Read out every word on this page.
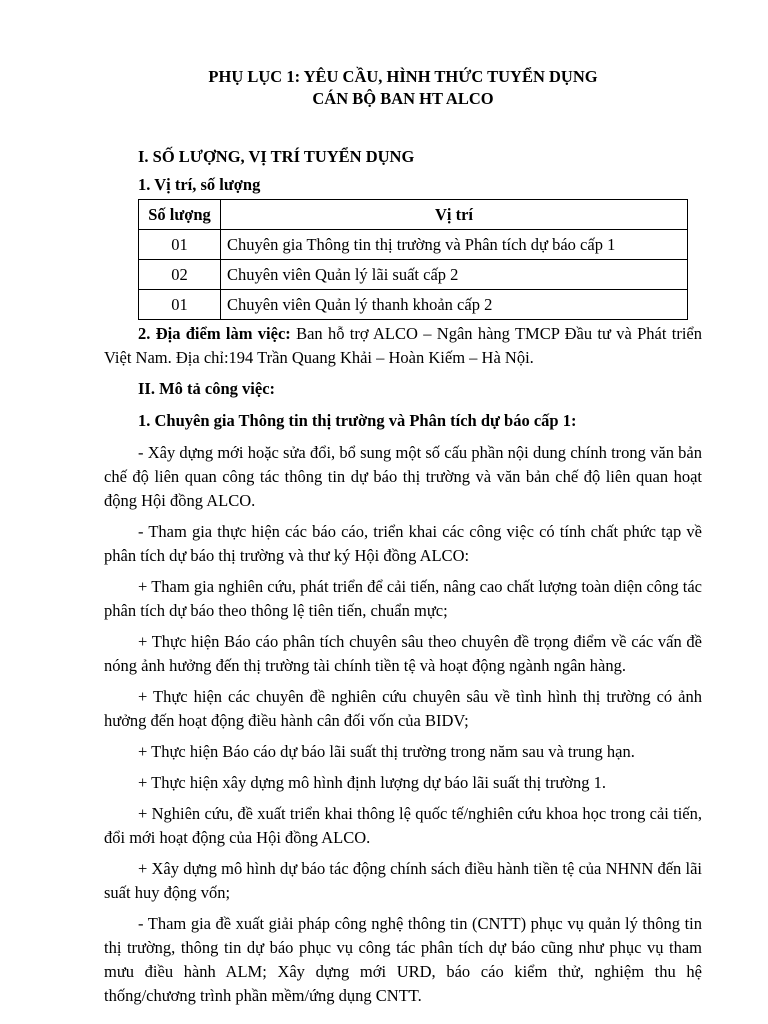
PHỤ LỤC 1: YÊU CẦU, HÌNH THỨC TUYỂN DỤNG

CÁN BỘ BAN HT ALCO

I. SỐ LƯỢNG, VỊ TRÍ TUYỂN DỤNG
1. Vị trí, số lượng
Số lượng	Vị trí
01	Chuyên gia Thông tin thị trường và Phân tích dự báo cấp 1
02	Chuyên viên Quản lý lãi suất cấp 2
01	Chuyên viên Quản lý thanh khoản cấp 2

2. Địa điểm làm việc: Ban hỗ trợ ALCO – Ngân hàng TMCP Đầu tư và Phát triển Việt Nam. Địa chỉ:194 Trần Quang Khải – Hoàn Kiếm – Hà Nội.

II. Mô tả công việc:
1. Chuyên gia Thông tin thị trường và Phân tích dự báo cấp 1:

- Xây dựng mới hoặc sửa đổi, bổ sung một số cấu phần nội dung chính trong văn bản chế độ liên quan công tác thông tin dự báo thị trường và văn bản chế độ liên quan hoạt động Hội đồng ALCO.

- Tham gia thực hiện các báo cáo, triển khai các công việc có tính chất phức tạp về phân tích dự báo thị trường và thư ký Hội đồng ALCO:

+ Tham gia nghiên cứu, phát triển để cải tiến, nâng cao chất lượng toàn diện công tác phân tích dự báo theo thông lệ tiên tiến, chuẩn mực;

+ Thực hiện Báo cáo phân tích chuyên sâu theo chuyên đề trọng điểm về các vấn đề nóng ảnh hưởng đến thị trường tài chính tiền tệ và hoạt động ngành ngân hàng.

+ Thực hiện các chuyên đề nghiên cứu chuyên sâu về tình hình thị trường có ảnh hưởng đến hoạt động điều hành cân đối vốn của BIDV;

+ Thực hiện Báo cáo dự báo lãi suất thị trường trong năm sau và trung hạn.

+ Thực hiện xây dựng mô hình định lượng dự báo lãi suất thị trường 1.

+ Nghiên cứu, đề xuất triển khai thông lệ quốc tế/nghiên cứu khoa học trong cải tiến, đổi mới hoạt động của Hội đồng ALCO.

+ Xây dựng mô hình dự báo tác động chính sách điều hành tiền tệ của NHNN đến lãi suất huy động vốn;

- Tham gia đề xuất giải pháp công nghệ thông tin (CNTT) phục vụ quản lý thông tin thị trường, thông tin dự báo phục vụ công tác phân tích dự báo cũng như phục vụ tham mưu điều hành ALM; Xây dựng mới URD, báo cáo kiểm thử, nghiệm thu hệ thống/chương trình phần mềm/ứng dụng CNTT.
